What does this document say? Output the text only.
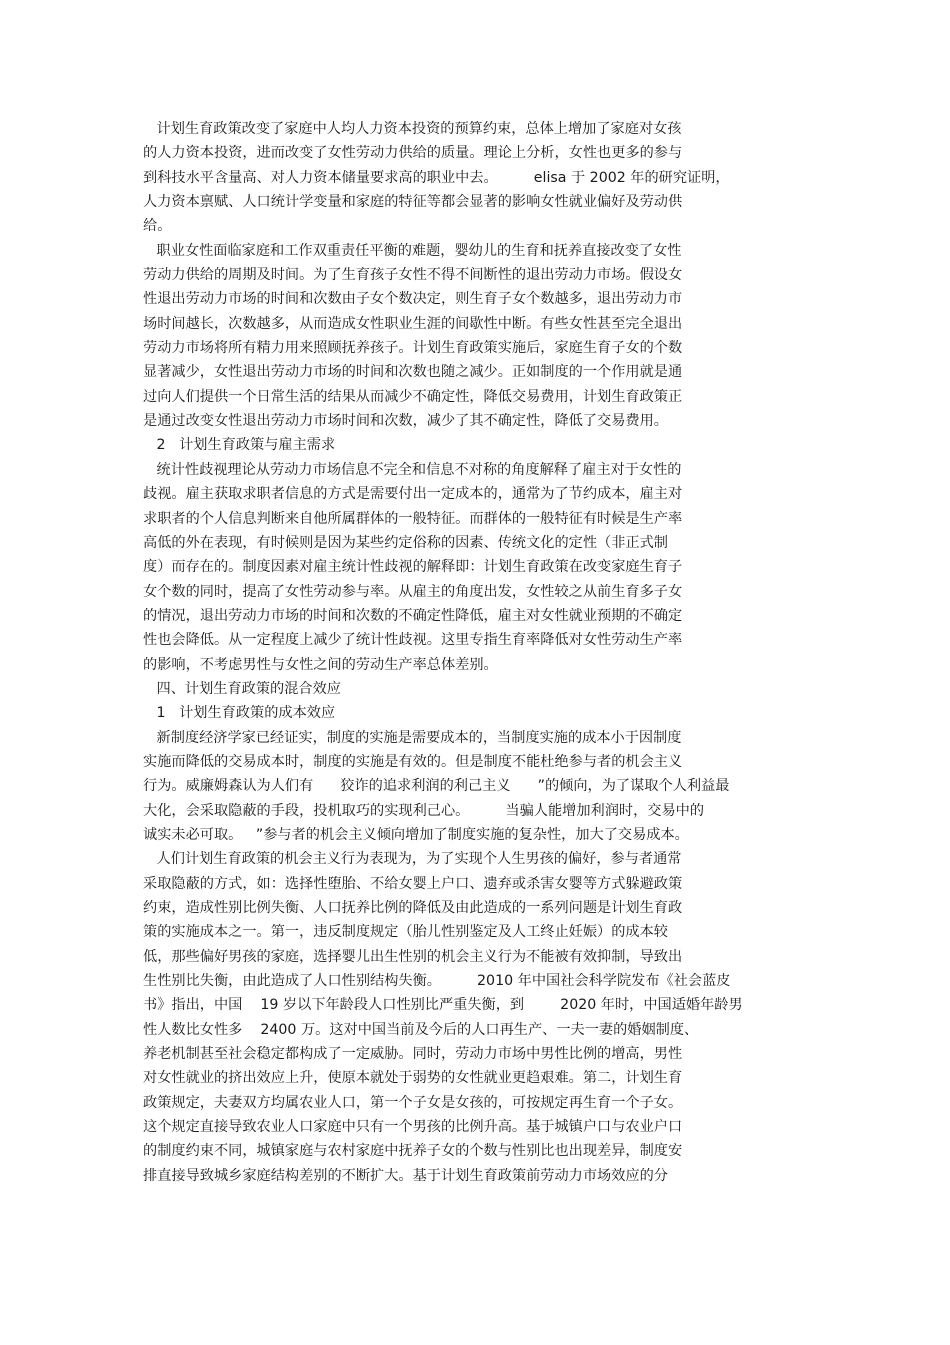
计划生育政策改变了家庭中人均人力资本投资的预算约束，总体上增加了家庭对女孩
的人力资本投资，进而改变了女性劳动力供给的质量。理论上分析，女性也更多的参与
到科技水平含量高、对人力资本储量要求高的职业中去。        elisa 于 2002 年的研究证明，
人力资本禀赋、人口统计学变量和家庭的特征等都会显著的影响女性就业偏好及劳动供
给。
职业女性面临家庭和工作双重责任平衡的难题，婴幼儿的生育和抚养直接改变了女性
劳动力供给的周期及时间。为了生育孩子女性不得不间断性的退出劳动力市场。假设女
性退出劳动力市场的时间和次数由子女个数决定，则生育子女个数越多，退出劳动力市
场时间越长，次数越多，从而造成女性职业生涯的间歇性中断。有些女性甚至完全退出
劳动力市场将所有精力用来照顾抚养孩子。计划生育政策实施后，家庭生育子女的个数
显著减少，女性退出劳动力市场的时间和次数也随之减少。正如制度的一个作用就是通
过向人们提供一个日常生活的结果从而减少不确定性，降低交易费用，计划生育政策正
是通过改变女性退出劳动力市场时间和次数，减少了其不确定性，降低了交易费用。
2   计划生育政策与雇主需求
统计性歧视理论从劳动力市场信息不完全和信息不对称的角度解释了雇主对于女性的
歧视。雇主获取求职者信息的方式是需要付出一定成本的，通常为了节约成本，雇主对
求职者的个人信息判断来自他所属群体的一般特征。而群体的一般特征有时候是生产率
高低的外在表现，有时候则是因为某些约定俗称的因素、传统文化的定性（非正式制
度）而存在的。制度因素对雇主统计性歧视的解释即：计划生育政策在改变家庭生育子
女个数的同时，提高了女性劳动参与率。从雇主的角度出发，女性较之从前生育多子女
的情况，退出劳动力市场的时间和次数的不确定性降低，雇主对女性就业预期的不确定
性也会降低。从一定程度上减少了统计性歧视。这里专指生育率降低对女性劳动生产率
的影响，不考虑男性与女性之间的劳动生产率总体差别。
四、计划生育政策的混合效应
1   计划生育政策的成本效应
新制度经济学家已经证实，制度的实施是需要成本的，当制度实施的成本小于因制度
实施而降低的交易成本时，制度的实施是有效的。但是制度不能杜绝参与者的机会主义
行为。威廉姆森认为人们有      狡诈的追求利润的利己主义      ”的倾向，为了谋取个人利益最
大化，会采取隐蔽的手段，投机取巧的实现利己心。        当骗人能增加利润时，交易中的
诚实未必可取。   ”参与者的机会主义倾向增加了制度实施的复杂性，加大了交易成本。
人们计划生育政策的机会主义行为表现为，为了实现个人生男孩的偏好，参与者通常
采取隐蔽的方式，如：选择性堕胎、不给女婴上户口、遗弃或杀害女婴等方式躲避政策
约束，造成性别比例失衡、人口抚养比例的降低及由此造成的一系列问题是计划生育政
策的实施成本之一。第一，违反制度规定（胎儿性别鉴定及人工终止妊娠）的成本较
低，那些偏好男孩的家庭，选择婴儿出生性别的机会主义行为不能被有效抑制，导致出
生性别比失衡，由此造成了人口性别结构失衡。        2010 年中国社会科学院发布《社会蓝皮
书》指出，中国    19 岁以下年龄段人口性别比严重失衡，到        2020 年时，中国适婚年龄男
性人数比女性多    2400 万。这对中国当前及今后的人口再生产、一夫一妻的婚姻制度、
养老机制甚至社会稳定都构成了一定威胁。同时，劳动力市场中男性比例的增高，男性
对女性就业的挤出效应上升，使原本就处于弱势的女性就业更趋艰难。第二，计划生育
政策规定，夫妻双方均属农业人口，第一个子女是女孩的，可按规定再生育一个子女。
这个规定直接导致农业人口家庭中只有一个男孩的比例升高。基于城镇户口与农业户口
的制度约束不同，城镇家庭与农村家庭中抚养子女的个数与性别比也出现差异，制度安
排直接导致城乡家庭结构差别的不断扩大。基于计划生育政策前劳动力市场效应的分
